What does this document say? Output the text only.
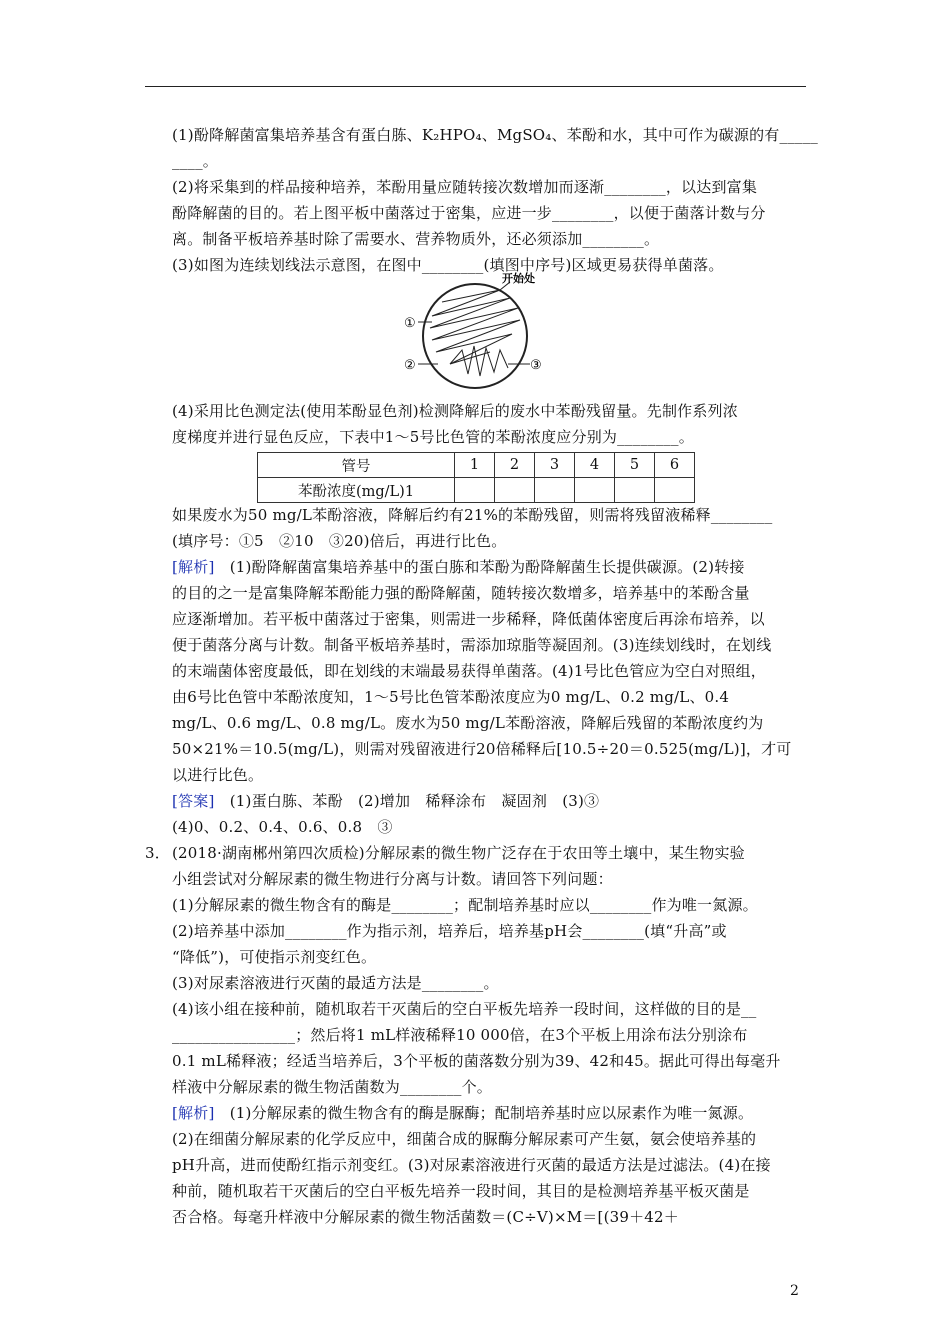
(1)酚降解菌富集培养基含有蛋白胨、K₂HPO₄、MgSO₄、苯酚和水，其中可作为碳源的有_____
____。
(2)将采集到的样品接种培养，苯酚用量应随转接次数增加而逐渐________，以达到富集
酚降解菌的目的。若上图平板中菌落过于密集，应进一步________，以便于菌落计数与分
离。制备平板培养基时除了需要水、营养物质外，还必须添加________。
(3)如图为连续划线法示意图，在图中________(填图中序号)区域更易获得单菌落。
开始处
①
②	③
(4)采用比色测定法(使用苯酚显色剂)检测降解后的废水中苯酚残留量。先制作系列浓
度梯度并进行显色反应，下表中1～5号比色管的苯酚浓度应分别为________。
管号	1	2	3	4	5	6
苯酚浓度(mg/L)1						
如果废水为50 mg/L苯酚溶液，降解后约有21%的苯酚残留，则需将残留液稀释________
(填序号：①5　②10　③20)倍后，再进行比色。
[解析]　(1)酚降解菌富集培养基中的蛋白胨和苯酚为酚降解菌生长提供碳源。(2)转接
的目的之一是富集降解苯酚能力强的酚降解菌，随转接次数增多，培养基中的苯酚含量
应逐渐增加。若平板中菌落过于密集，则需进一步稀释，降低菌体密度后再涂布培养，以
便于菌落分离与计数。制备平板培养基时，需添加琼脂等凝固剂。(3)连续划线时，在划线
的末端菌体密度最低，即在划线的末端最易获得单菌落。(4)1号比色管应为空白对照组，
由6号比色管中苯酚浓度知，1～5号比色管苯酚浓度应为0 mg/L、0.2 mg/L、0.4
mg/L、0.6 mg/L、0.8 mg/L。废水为50 mg/L苯酚溶液，降解后残留的苯酚浓度约为
50×21%＝10.5(mg/L)，则需对残留液进行20倍稀释后[10.5÷20＝0.525(mg/L)]，才可
以进行比色。
[答案]　(1)蛋白胨、苯酚　(2)增加　稀释涂布　凝固剂　(3)③
(4)0、0.2、0.4、0.6、0.8　③
3． (2018·湖南郴州第四次质检)分解尿素的微生物广泛存在于农田等土壤中，某生物实验
小组尝试对分解尿素的微生物进行分离与计数。请回答下列问题：
(1)分解尿素的微生物含有的酶是________；配制培养基时应以________作为唯一氮源。
(2)培养基中添加________作为指示剂，培养后，培养基pH会________(填“升高”或
“降低”)，可使指示剂变红色。
(3)对尿素溶液进行灭菌的最适方法是________。
(4)该小组在接种前，随机取若干灭菌后的空白平板先培养一段时间，这样做的目的是__
________________；然后将1 mL样液稀释10 000倍，在3个平板上用涂布法分别涂布
0.1 mL稀释液；经适当培养后，3个平板的菌落数分别为39、42和45。据此可得出每毫升
样液中分解尿素的微生物活菌数为________个。
[解析]　(1)分解尿素的微生物含有的酶是脲酶；配制培养基时应以尿素作为唯一氮源。
(2)在细菌分解尿素的化学反应中，细菌合成的脲酶分解尿素可产生氨，氨会使培养基的
pH升高，进而使酚红指示剂变红。(3)对尿素溶液进行灭菌的最适方法是过滤法。(4)在接
种前，随机取若干灭菌后的空白平板先培养一段时间，其目的是检测培养基平板灭菌是
否合格。每毫升样液中分解尿素的微生物活菌数＝(C÷V)×M＝[(39＋42＋
2
